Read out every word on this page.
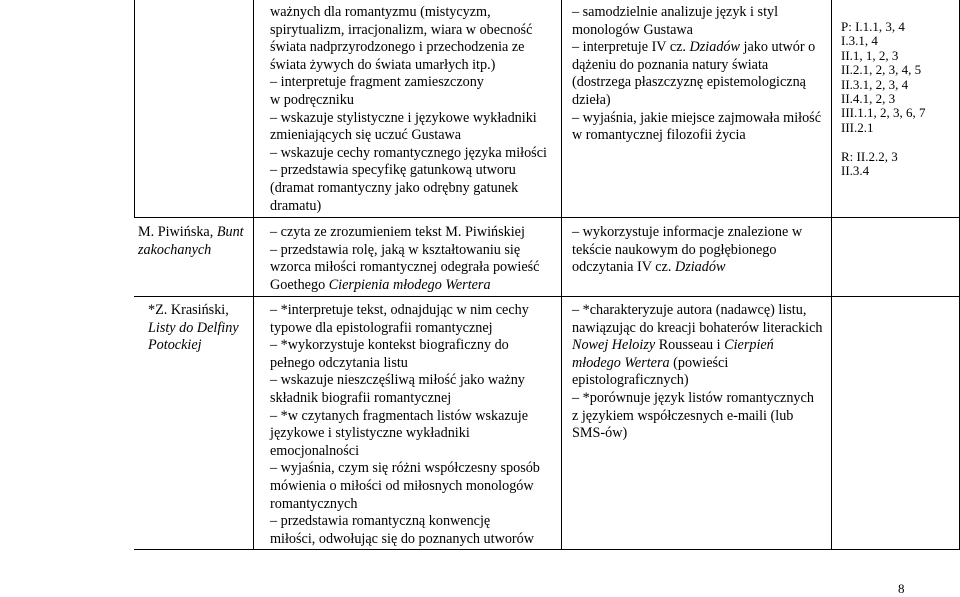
ważnych dla romantyzmu (mistycyzm,
spirytualizm, irracjonalizm, wiara w obecność
świata nadprzyrodzonego i przechodzenia ze
świata żywych do świata umarłych itp.)
– interpretuje fragment zamieszczony
w podręczniku
– wskazuje stylistyczne i językowe wykładniki
zmieniających się uczuć Gustawa
– wskazuje cechy romantycznego języka miłości
– przedstawia specyfikę gatunkową utworu
(dramat romantyczny jako odrębny gatunek
dramatu)
– samodzielnie analizuje język i styl
monologów Gustawa
– interpretuje IV cz. Dziadów jako utwór o
dążeniu do poznania natury świata
(dostrzega płaszczyznę epistemologiczną
dzieła)
– wyjaśnia, jakie miejsce zajmowała miłość
w romantycznej filozofii życia
P: I.1.1, 3, 4
I.3.1, 4
II.1, 1, 2, 3
II.2.1, 2, 3, 4, 5
II.3.1, 2, 3, 4
II.4.1, 2, 3
III.1.1, 2, 3, 6, 7
III.2.1
R: II.2.2, 3
II.3.4
M. Piwińska, Bunt
zakochanych
– czyta ze zrozumieniem tekst M. Piwińskiej
– przedstawia rolę, jaką w kształtowaniu się
wzorca miłości romantycznej odegrała powieść
Goethego Cierpienia młodego Wertera
– wykorzystuje informacje znalezione w
tekście naukowym do pogłębionego
odczytania IV cz. Dziadów
*Z. Krasiński,
Listy do Delfiny
Potockiej
– *interpretuje tekst, odnajdując w nim cechy
typowe dla epistolografii romantycznej
– *wykorzystuje kontekst biograficzny do
pełnego odczytania listu
– wskazuje nieszczęśliwą miłość jako ważny
składnik biografii romantycznej
– *w czytanych fragmentach listów wskazuje
językowe i stylistyczne wykładniki
emocjonalności
– wyjaśnia, czym się różni współczesny sposób
mówienia o miłości od miłosnych monologów
romantycznych
– przedstawia romantyczną konwencję
miłości, odwołując się do poznanych utworów
– *charakteryzuje autora (nadawcę) listu,
nawiązując do kreacji bohaterów literackich
Nowej Heloizy Rousseau i Cierpień
młodego Wertera (powieści
epistolograficznych)
– *porównuje język listów romantycznych
z językiem współczesnych e-maili (lub
SMS-ów)
8
